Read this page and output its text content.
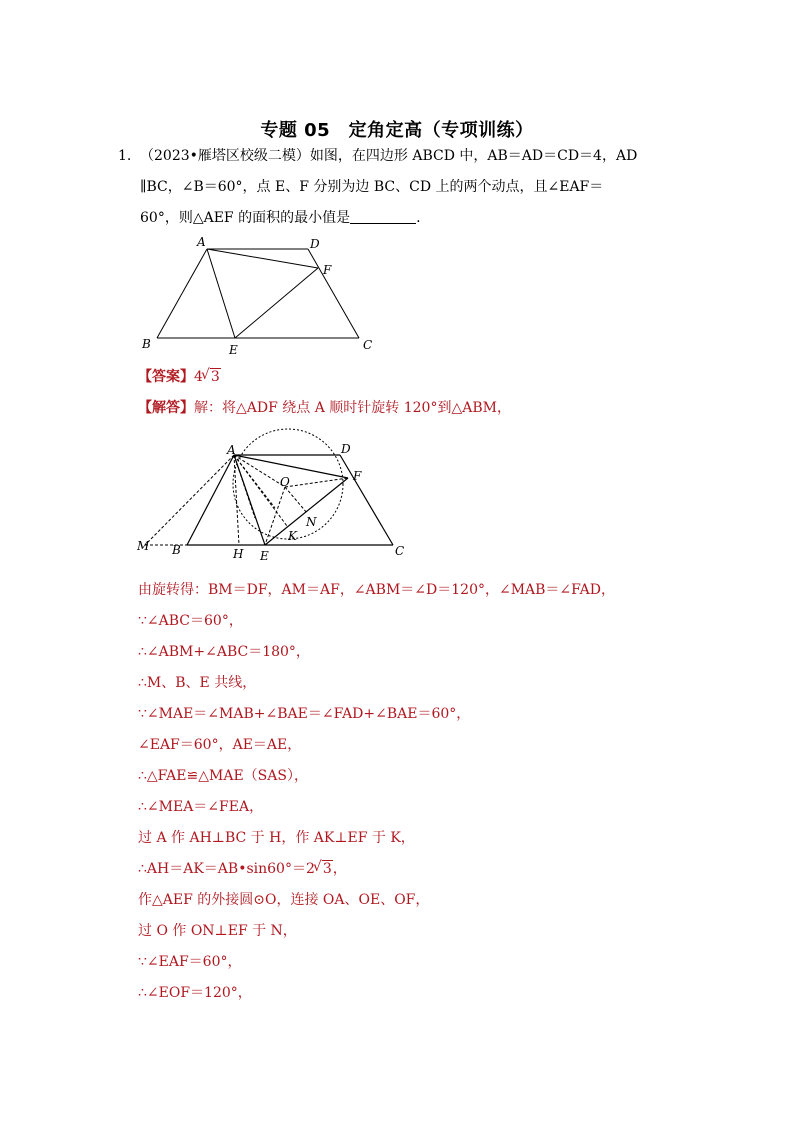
专题 05　定角定高（专项训练）
1. （2023•雁塔区校级二模）如图，在四边形 ABCD 中，AB＝AD＝CD＝4，AD
∥BC，∠B＝60°，点 E、F 分别为边 BC、CD 上的两个动点，且∠EAF＝
60°，则△AEF 的面积的最小值是	.
A	D
F
B	E	C
【答案】4 √ 3
【解答】解：将△ADF 绕点 A 顺时针旋转 120°到△ABM，
A	D
F
O
N
K
M B	H E	C
由旋转得：BM＝DF，AM＝AF，∠ABM＝∠D＝120°，∠MAB＝∠FAD，
∵∠ABC＝60°，
∴∠ABM+∠ABC＝180°，
∴M、B、E 共线，
∵∠MAE＝∠MAB+∠BAE＝∠FAD+∠BAE＝60°，
∠EAF＝60°，AE＝AE，
∴△FAE≌△MAE（SAS），
∴∠MEA＝∠FEA，
过 A 作 AH⊥BC 于 H，作 AK⊥EF 于 K，
∴AH＝AK＝AB•sin60°＝2 √ 3，
作△AEF 的外接圆⊙O，连接 OA、OE、OF，
过 O 作 ON⊥EF 于 N，
∵∠EAF＝60°，
∴∠EOF＝120°，
